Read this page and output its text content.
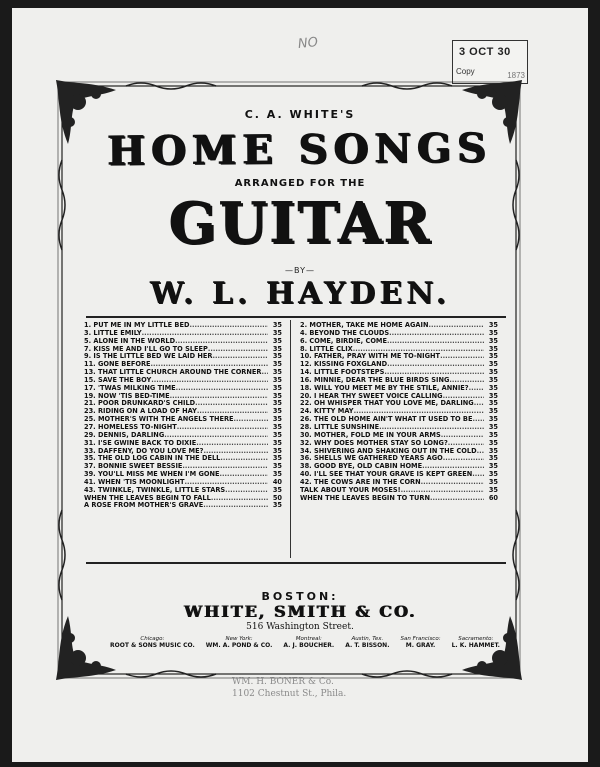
NO	3 OCT 30
Copy	1873
C. A. WHITE'S
HOME SONGS
ARRANGED FOR THE
GUITAR
—BY—
W. L. HAYDEN.
1. PUT ME IN MY LITTLE BED .....	35
3. LITTLE EMILY .....	35
5. ALONE IN THE WORLD .....	35
7. KISS ME AND I'LL GO TO SLEEP .....	35
9. IS THE LITTLE BED WE LAID HER .....	35
11. GONE BEFORE .....	35
13. THAT LITTLE CHURCH AROUND THE CORNER .....	35
15. SAVE THE BOY .....	35
17. 'TWAS MILKING TIME .....	35
19. NOW 'TIS BED-TIME .....	35
21. POOR DRUNKARD'S CHILD .....	35
23. RIDING ON A LOAD OF HAY .....	35
25. MOTHER'S WITH THE ANGELS THERE .....	35
27. HOMELESS TO-NIGHT .....	35
29. DENNIS, DARLING .....	35
31. I'SE GWINE BACK TO DIXIE .....	35
33. DAFFENY, DO YOU LOVE ME? .....	35
35. THE OLD LOG CABIN IN THE DELL .....	35
37. BONNIE SWEET BESSIE .....	35
39. YOU'LL MISS ME WHEN I'M GONE .....	35
41. WHEN 'TIS MOONLIGHT .....	40
43. TWINKLE, TWINKLE, LITTLE STARS .....	35
WHEN THE LEAVES BEGIN TO FALL .....	50
A ROSE FROM MOTHER'S GRAVE .....	35
2. MOTHER, TAKE ME HOME AGAIN .....	35
4. BEYOND THE CLOUDS .....	35
6. COME, BIRDIE, COME .....	35
8. LITTLE CLIX .....	35
10. FATHER, PRAY WITH ME TO-NIGHT .....	35
12. KISSING FOXGLAND .....	35
14. LITTLE FOOTSTEPS .....	35
16. MINNIE, DEAR THE BLUE BIRDS SING .....	35
18. WILL YOU MEET ME BY THE STILE, ANNIE? .....	35
20. I HEAR THY SWEET VOICE CALLING .....	35
22. OH WHISPER THAT YOU LOVE ME, DARLING .....	35
24. KITTY MAY .....	35
26. THE OLD HOME AIN'T WHAT IT USED TO BE .....	35
28. LITTLE SUNSHINE .....	35
30. MOTHER, FOLD ME IN YOUR ARMS .....	35
32. WHY DOES MOTHER STAY SO LONG? .....	35
34. SHIVERING AND SHAKING OUT IN THE COLD .....	35
36. SHELLS WE GATHERED YEARS AGO .....	35
38. GOOD BYE, OLD CABIN HOME .....	35
40. I'LL SEE THAT YOUR GRAVE IS KEPT GREEN .....	35
42. THE COWS ARE IN THE CORN .....	35
TALK ABOUT YOUR MOSES! .....	35
WHEN THE LEAVES BEGIN TO TURN .....	60
BOSTON:
WHITE, SMITH & CO.
516 Washington Street.
Chicago:
ROOT & SONS MUSIC CO.
New York:
WM. A. POND & CO.
Montreal:
A. J. BOUCHER.
Austin, Tex.
A. T. BISSON.
San Francisco:
M. GRAY.
Sacramento:
L. K. HAMMET.
WM. H. BONER & Co.
1102 Chestnut St., Phila.
